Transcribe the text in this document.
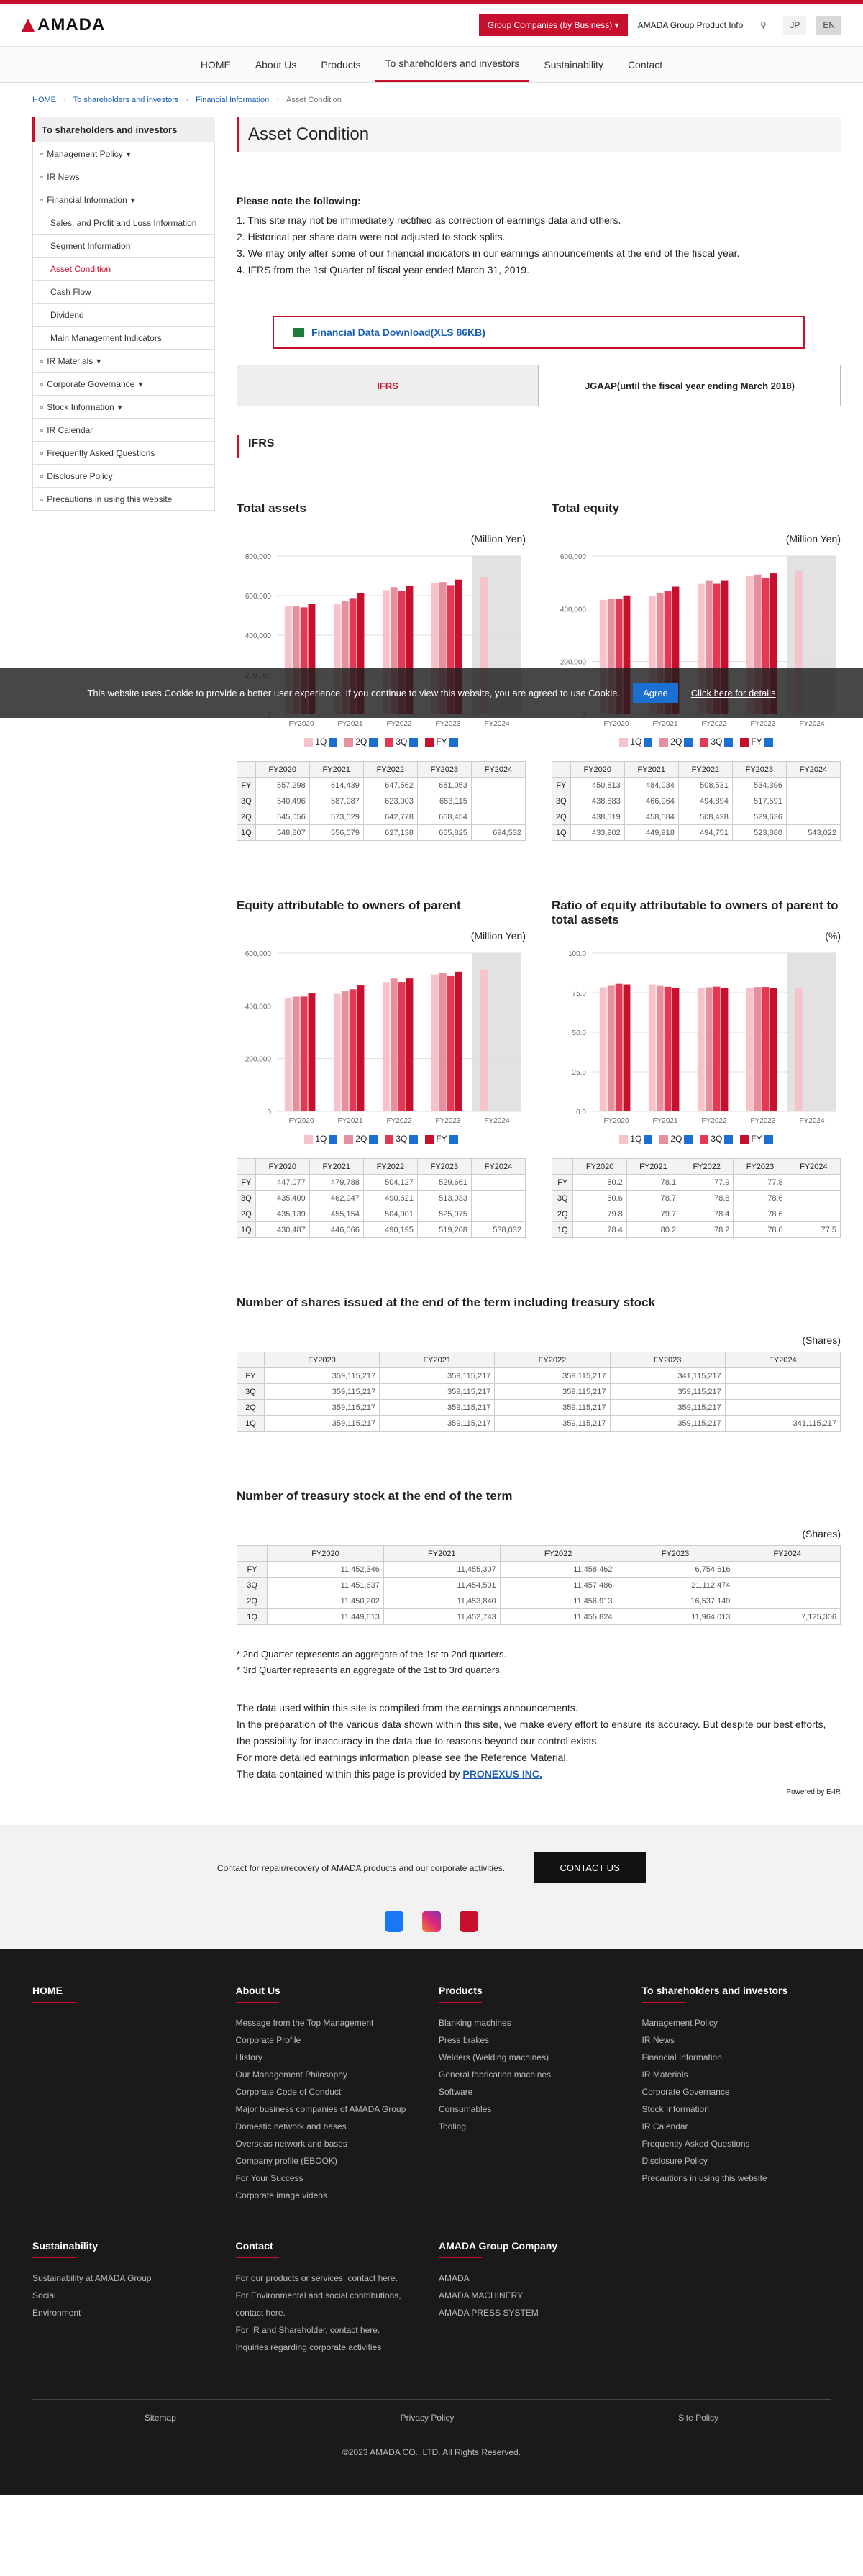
AMADA	Group Companies (by Business) ▾	AMADA Group Product Info	⚲	JP	EN
HOME	About Us	Products	To shareholders and investors	Sustainability	Contact
HOME › To shareholders and investors › Financial Information › Asset Condition
To shareholders and investors
▫ Management Policy ▾
▫ IR News
▫ Financial Information ▾
Sales, and Profit and Loss Information
Segment Information
Asset Condition
Cash Flow
Dividend
Main Management Indicators
▫ IR Materials ▾
▫ Corporate Governance ▾
▫ Stock Information ▾
▫ IR Calendar
▫ Frequently Asked Questions
▫ Disclosure Policy
▫ Precautions in using this website
Asset Condition
Please note the following:

1. This site may not be immediately rectified as correction of earnings data and others.

2. Historical per share data were not adjusted to stock splits.

3. We may only alter some of our financial indicators in our earnings announcements at the end of the fiscal year.

4. IFRS from the 1st Quarter of fiscal year ended March 31, 2019.

Financial Data Download(XLS 86KB)
IFRS	JGAAP(until the fiscal year ending March 2018)
IFRS
Total assets
(Million Yen)
400,000
600,000
800,000
FY2020	FY2021	FY2022	FY2023	FY2024
1Q	2Q	3Q	FY
	FY2020	FY2021	FY2022	FY2023	FY2024
FY	557,298	614,439	647,562	681,053	
3Q	540,496	587,987	623,003	653,115	
2Q	545,056	573,029	642,778	668,454	
1Q	548,807	556,079	627,138	665,825	694,532
Total equity
(Million Yen)
200,000
400,000
600,000
FY2020	FY2021	FY2022	FY2023	FY2024
1Q	2Q	3Q	FY
	FY2020	FY2021	FY2022	FY2023	FY2024
FY	450,813	484,034	508,531	534,396	
3Q	438,883	466,964	494,894	517,591	
2Q	438,519	458,584	508,428	529,636	
1Q	433,902	449,918	494,751	523,880	543,022
Equity attributable to owners of parent
(Million Yen)
0
200,000
400,000
600,000
FY2020	FY2021	FY2022	FY2023	FY2024
1Q	2Q	3Q	FY
	FY2020	FY2021	FY2022	FY2023	FY2024
FY	447,077	479,788	504,127	529,661	
3Q	435,409	462,947	490,621	513,033	
2Q	435,139	455,154	504,001	525,075	
1Q	430,487	446,066	490,195	519,208	538,032
Ratio of equity attributable to owners of parent to total assets
(%)
0.0
25.0
50.0
75.0
100.0
FY2020	FY2021	FY2022	FY2023	FY2024
1Q	2Q	3Q	FY
	FY2020	FY2021	FY2022	FY2023	FY2024
FY	80.2	78.1	77.9	77.8	
3Q	80.6	78.7	78.8	78.6	
2Q	79.8	79.7	78.4	78.6	
1Q	78.4	80.2	78.2	78.0	77.5
Number of shares issued at the end of the term including treasury stock
(Shares)
	FY2020	FY2021	FY2022	FY2023	FY2024
FY	359,115,217	359,115,217	359,115,217	341,115,217	
3Q	359,115,217	359,115,217	359,115,217	359,115,217	
2Q	359,115,217	359,115,217	359,115,217	359,115,217	
1Q	359,115,217	359,115,217	359,115,217	359,115,217	341,115,217
Number of treasury stock at the end of the term
(Shares)
	FY2020	FY2021	FY2022	FY2023	FY2024
FY	11,452,346	11,455,307	11,458,462	6,754,616	
3Q	11,451,637	11,454,501	11,457,486	21,112,474	
2Q	11,450,202	11,453,840	11,456,913	16,537,149	
1Q	11,449,613	11,452,743	11,455,824	11,964,013	7,125,306
* 2nd Quarter represents an aggregate of the 1st to 2nd quarters.
* 3rd Quarter represents an aggregate of the 1st to 3rd quarters.
The data used within this site is compiled from the earnings announcements.
In the preparation of the various data shown within this site, we make every effort to ensure its accuracy. But despite our best efforts, the possibility for inaccuracy in the data due to reasons beyond our control exists.
For more detailed earnings information please see the Reference Material.
The data contained within this page is provided by PRONEXUS INC.
Powered by E-IR
Contact for repair/recovery of AMADA products and our corporate activities.	CONTACT US
HOME	About Us
Message from the Top Management
Corporate Profile
History
Our Management Philosophy
Corporate Code of Conduct
Major business companies of AMADA Group
Domestic network and bases
Overseas network and bases
Company profile (EBOOK)
For Your Success
Corporate image videos
Products
Blanking machines
Press brakes
Welders (Welding machines)
General fabrication machines
Software
Consumables
Tooling
To shareholders and investors
Management Policy
IR News
Financial Information
IR Materials
Corporate Governance
Stock Information
IR Calendar
Frequently Asked Questions
Disclosure Policy
Precautions in using this website
Sustainability
Sustainability at AMADA Group
Social
Environment
Contact
For our products or services, contact here.
For Environmental and social contributions, contact here.
For IR and Shareholder, contact here.
Inquiries regarding corporate activities
AMADA Group Company
AMADA
AMADA MACHINERY
AMADA PRESS SYSTEM
Sitemap	Privacy Policy	Site Policy
©2023 AMADA CO., LTD. All Rights Reserved.
This website uses Cookie to provide a better user experience. If you continue to view this website, you are agreed to use Cookie.	Agree	Click here for details
